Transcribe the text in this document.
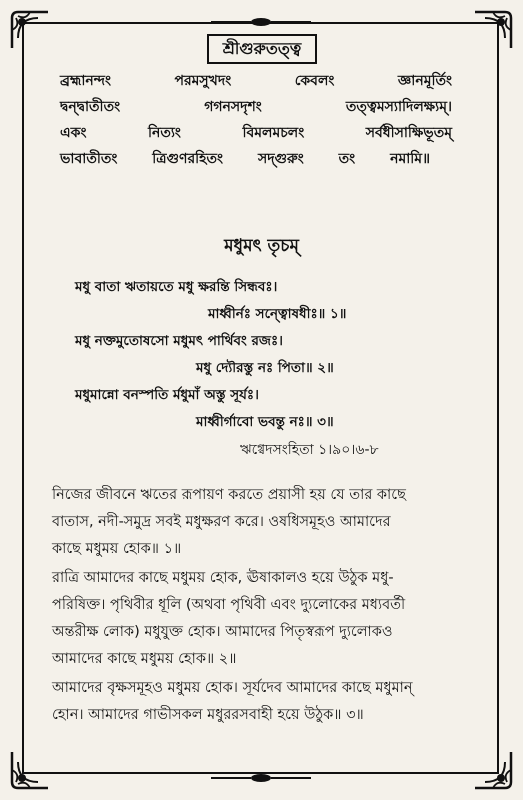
শ্রীগুরুতত্ত্ব
ব্রহ্মানন্দং	পরমসুখদং	কেবলং	জ্ঞানমূর্তিং
দ্বন্দ্বাতীতং	গগনসদৃশং	তত্ত্বমস্যাদিলক্ষ্যম্।
একং	নিত্যং	বিমলমচলং	সর্বধীসাক্ষিভূতম্
ভাবাতীতং ত্রিগুণরহিতং সদ্গুরুং তং নমামি॥
মধুমৎ তৃচম্
মধু বাতা ঋতায়তে মধু ক্ষরন্তি সিন্ধবঃ।
মাধ্বীর্নঃ সন্ত্বোষধীঃ॥ ১॥
মধু নক্তমুতোষসো মধুমৎ পার্থিবং রজঃ।
মধু দ্যৌরস্তু নঃ পিতা॥ ২॥
মধুমান্নো বনস্পতি র্মধুমাঁ অস্তু সূর্যঃ।
মাধ্বীর্গাবো ভবন্তু নঃ॥ ৩॥
ঋগ্বেদসংহিতা ১।৯০।৬-৮
নিজের জীবনে ঋতের রূপায়ণ করতে প্রয়াসী হয় যে তার কাছে
বাতাস, নদী-সমুদ্র সবই মধুক্ষরণ করে। ওষধিসমূহও আমাদের
কাছে মধুময় হোক॥ ১॥
রাত্রি আমাদের কাছে মধুময় হোক, ঊষাকালও হয়ে উঠুক মধু-
পরিষিক্ত। পৃথিবীর ধূলি (অথবা পৃথিবী এবং দ্যুলোকের মধ্যবর্তী
অন্তরীক্ষ লোক) মধুযুক্ত হোক। আমাদের পিতৃস্বরূপ দ্যুলোকও
আমাদের কাছে মধুময় হোক॥ ২॥
আমাদের বৃক্ষসমূহও মধুময় হোক। সূর্যদেব আমাদের কাছে মধুমান্
হোন। আমাদের গাভীসকল মধুররসবাহী হয়ে উঠুক॥ ৩॥
